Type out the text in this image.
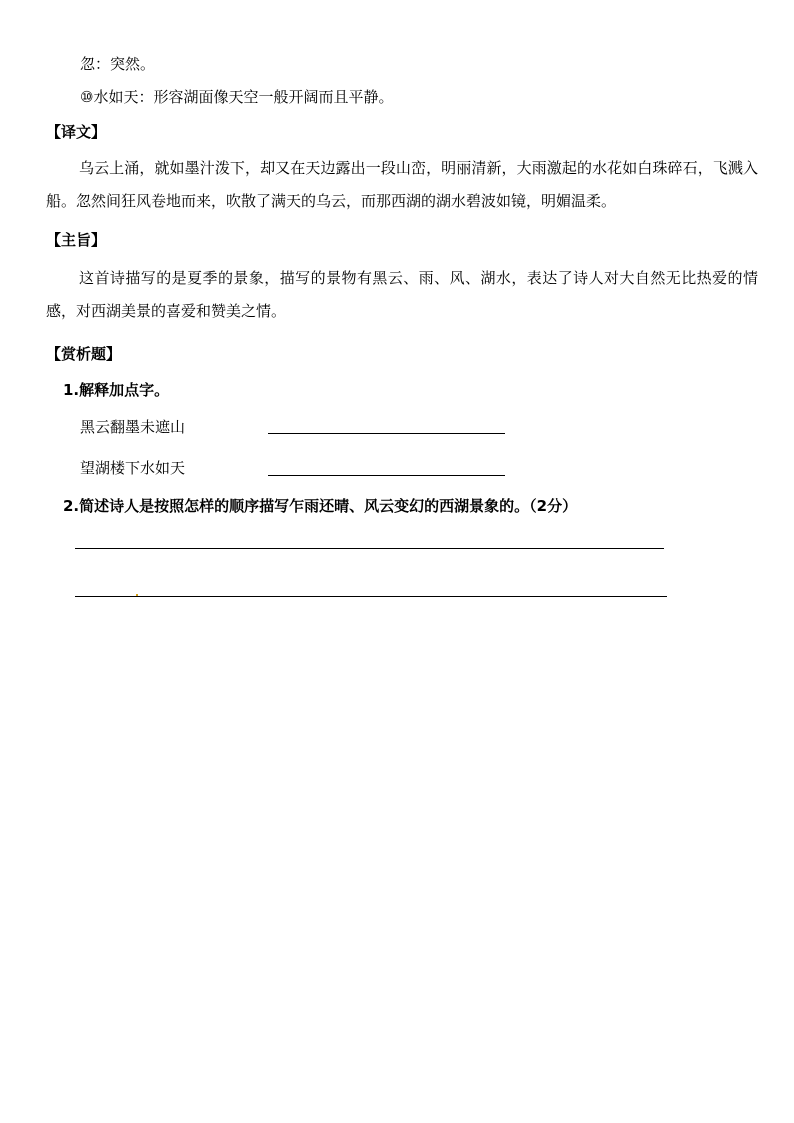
忽：突然。
⑩水如天：形容湖面像天空一般开阔而且平静。
【译文】
乌云上涌，就如墨汁泼下，却又在天边露出一段山峦，明丽清新，大雨激起的水花如白珠碎石，飞溅入船。忽然间狂风卷地而来，吹散了满天的乌云，而那西湖的湖水碧波如镜，明媚温柔。
【主旨】
这首诗描写的是夏季的景象，描写的景物有黑云、雨、风、湖水，表达了诗人对大自然无比热爱的情感，对西湖美景的喜爱和赞美之情。
【赏析题】
1.解释加点字。
黑云翻墨未遮山
望湖楼下水如天
2.简述诗人是按照怎样的顺序描写乍雨还晴、风云变幻的西湖景象的。（2分）
